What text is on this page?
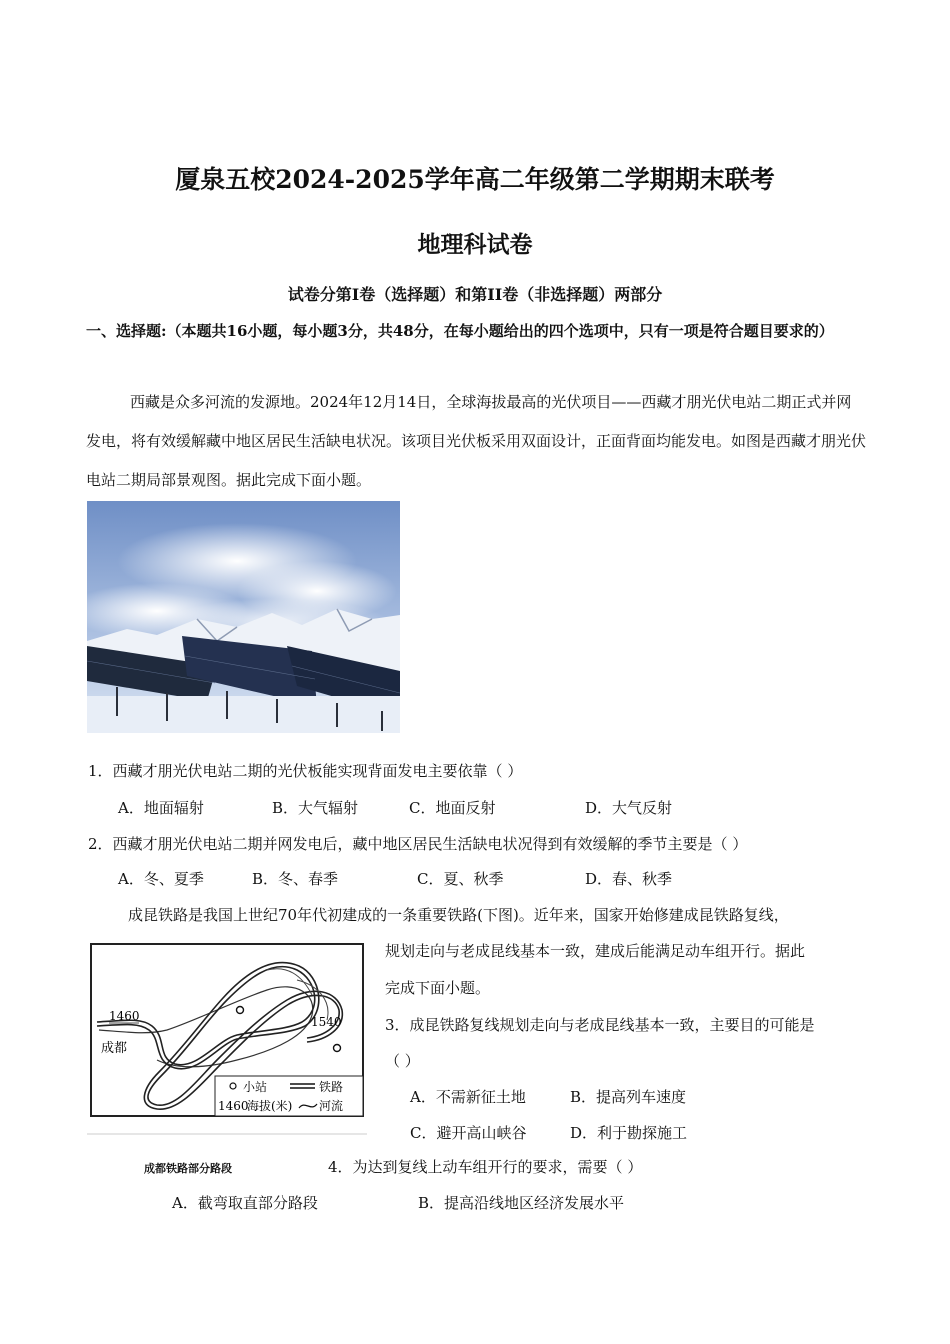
厦泉五校2024-2025学年高二年级第二学期期末联考
地理科试卷
试卷分第I卷（选择题）和第II卷（非选择题）两部分
一、选择题:（本题共16小题，每小题3分，共48分，在每小题给出的四个选项中，只有一项是符合题目要求的）
西藏是众多河流的发源地。2024年12月14日，全球海拔最高的光伏项目——西藏才朋光伏电站二期正式并网发电，将有效缓解藏中地区居民生活缺电状况。该项目光伏板采用双面设计，正面背面均能发电。如图是西藏才朋光伏电站二期局部景观图。据此完成下面小题。
1．西藏才朋光伏电站二期的光伏板能实现背面发电主要依靠（ ）
A．地面辐射	B．大气辐射	C．地面反射	D．大气反射
2．西藏才朋光伏电站二期并网发电后，藏中地区居民生活缺电状况得到有效缓解的季节主要是（ ）
A．冬、夏季	B．冬、春季	C．夏、秋季	D．春、秋季
成昆铁路是我国上世纪70年代初建成的一条重要铁路(下图)。近年来，国家开始修建成昆铁路复线，
规划走向与老成昆线基本一致，建成后能满足动车组开行。据此
完成下面小题。
1460	1540
成都
小站	铁路
1460
海拔(米) 河流
成都铁路部分路段
3．成昆铁路复线规划走向与老成昆线基本一致，主要目的可能是
（ ）
A．不需新征土地	B．提高列车速度
C．避开高山峡谷	D．利于勘探施工
4．为达到复线上动车组开行的要求，需要（ ）
A．截弯取直部分路段	B．提高沿线地区经济发展水平
